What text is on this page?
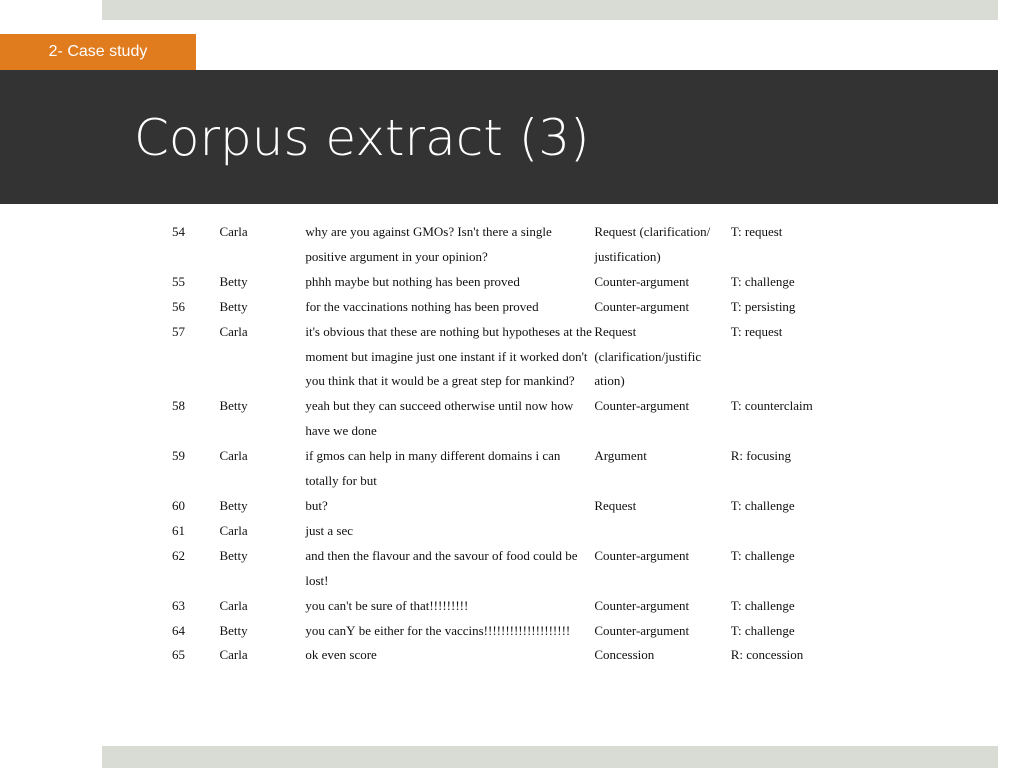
2- Case study
Corpus extract (3)
54	Carla	why are you against GMOs? Isn't there a single positive argument in your opinion?	Request (clarification/ justification)	T: request
55	Betty	phhh maybe but nothing has been proved	Counter-argument	T: challenge
56	Betty	for the vaccinations nothing has been proved	Counter-argument	T: persisting
57	Carla	it's obvious that these are nothing but hypotheses at the moment but imagine just one instant if it worked don't you think that it would be a great step for mankind?	Request (clarification/justific ation)	T: request
58	Betty	yeah but they can succeed otherwise until now how have we done	Counter-argument	T: counterclaim
59	Carla	if gmos can help in many different domains i can totally for but	Argument	R: focusing
60	Betty	but?	Request	T: challenge
61	Carla	just a sec		
62	Betty	and then the flavour and the savour of food could be lost!	Counter-argument	T: challenge
63	Carla	you can't be sure of that!!!!!!!!!	Counter-argument	T: challenge
64	Betty	you canҮ be either for the vaccins!!!!!!!!!!!!!!!!!!!!	Counter-argument	T: challenge
65	Carla	ok even score	Concession	R: concession
